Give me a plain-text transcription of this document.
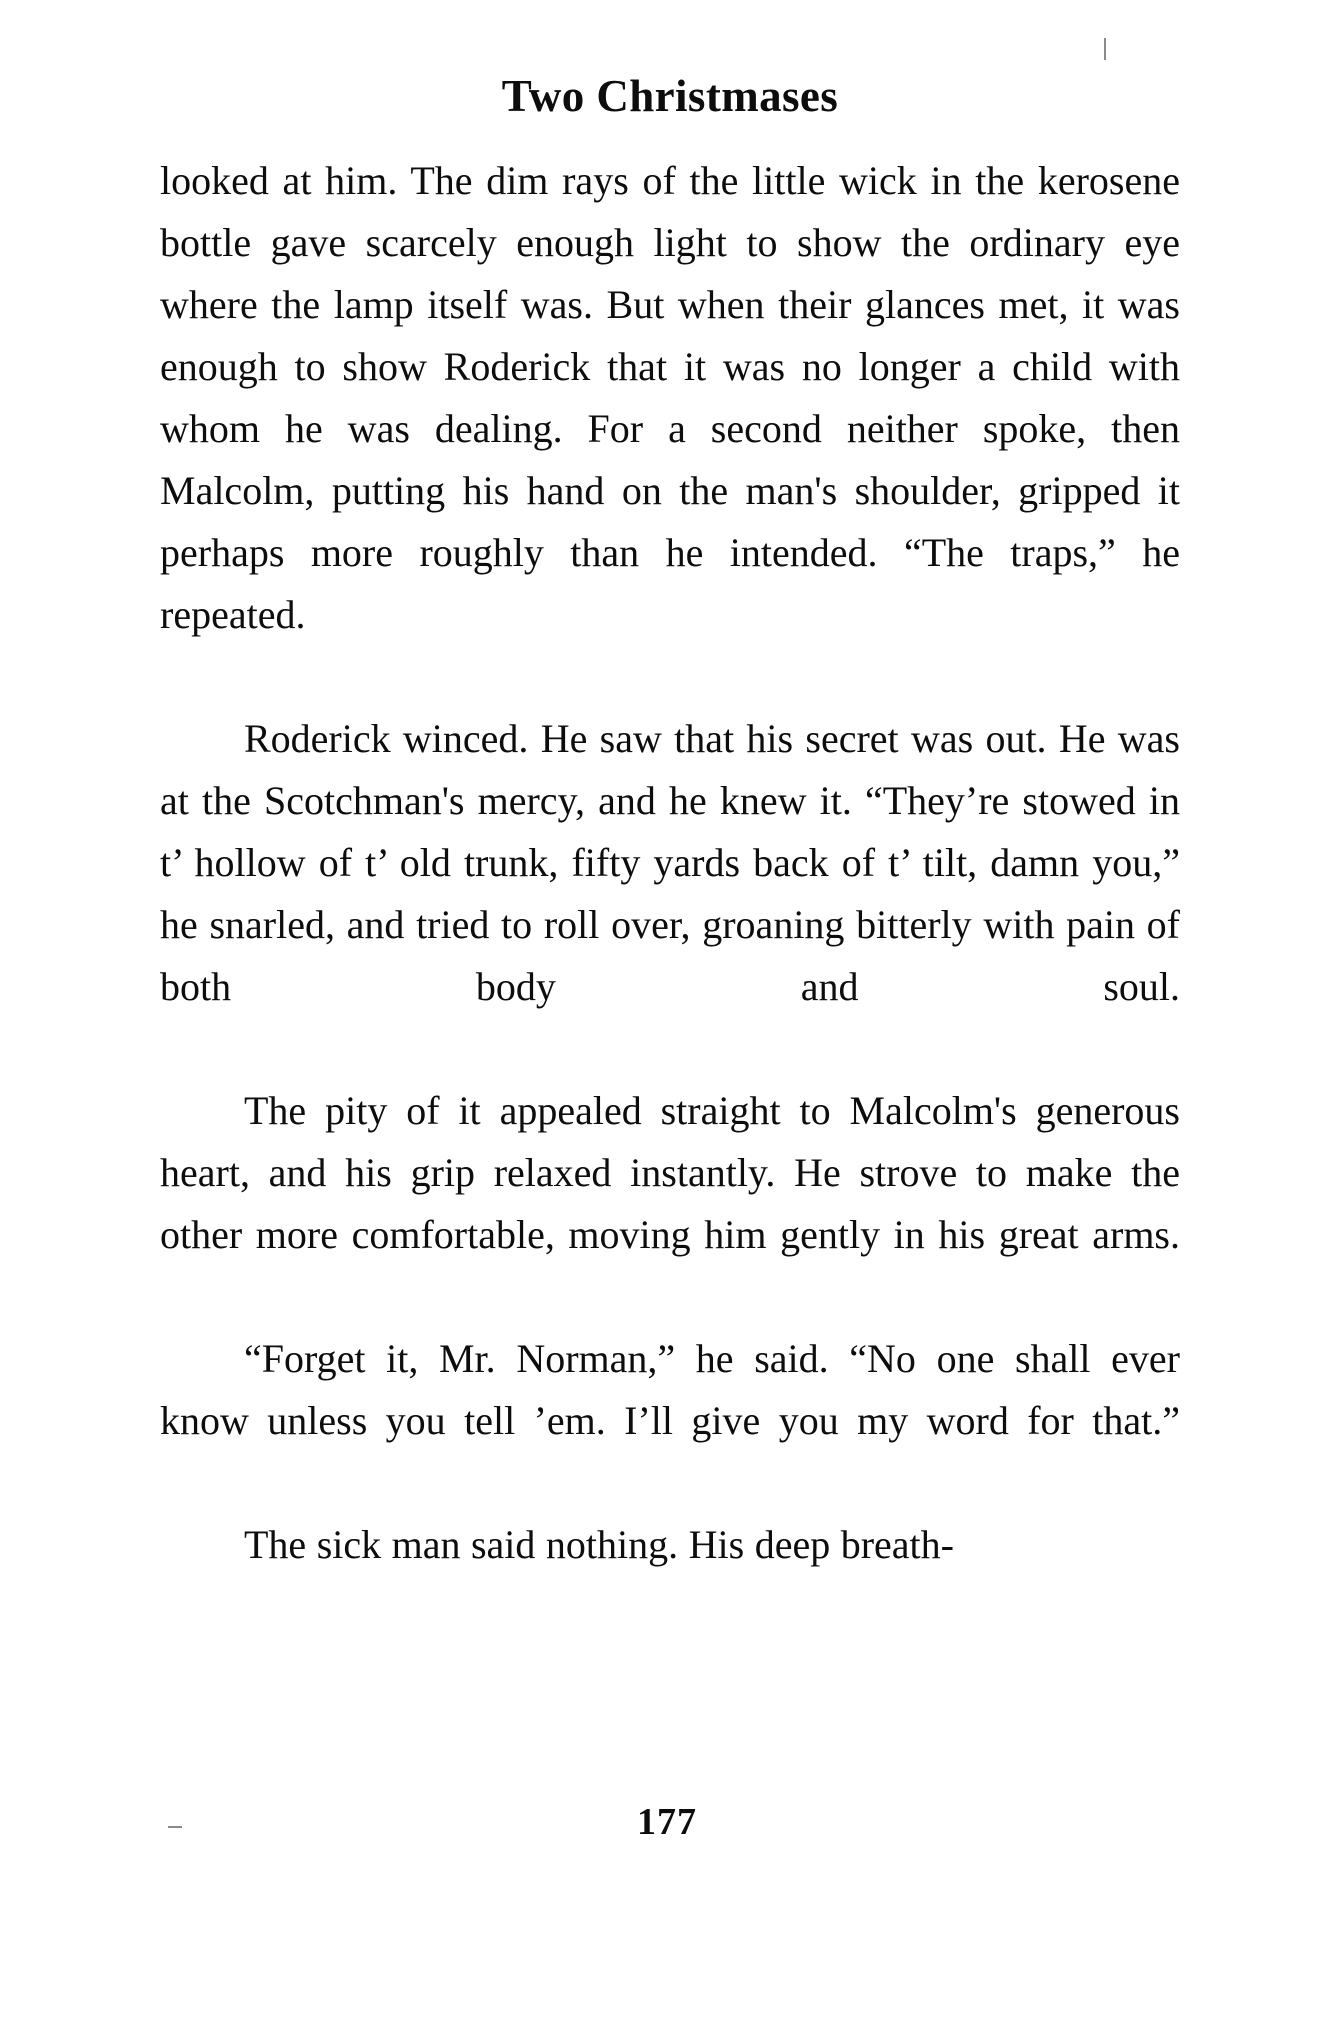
Two Christmases

looked at him. The dim rays of the little wick in the kerosene bottle gave scarcely enough light to show the ordinary eye where the lamp itself was. But when their glances met, it was enough to show Roderick that it was no longer a child with whom he was dealing. For a second neither spoke, then Malcolm, putting his hand on the man's shoulder, gripped it perhaps more roughly than he intended. “The traps,” he repeated.

Roderick winced. He saw that his secret was out. He was at the Scotchman's mercy, and he knew it. “They’re stowed in t’ hollow of t’ old trunk, fifty yards back of t’ tilt, damn you,” he snarled, and tried to roll over, groaning bitterly with pain of both body and soul.

The pity of it appealed straight to Malcolm's generous heart, and his grip relaxed instantly. He strove to make the other more comfortable, moving him gently in his great arms.

“Forget it, Mr. Norman,” he said. “No one shall ever know unless you tell ’em. I’ll give you my word for that.”

The sick man said nothing. His deep breath-

177
